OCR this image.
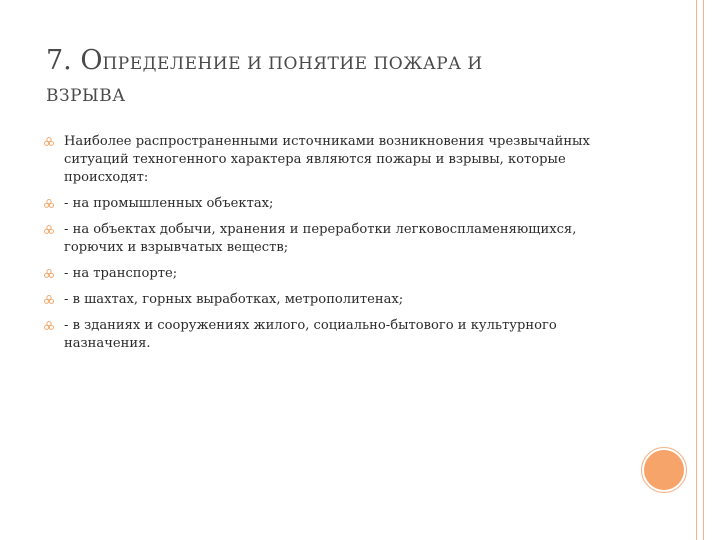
7. ОПРЕДЕЛЕНИЕ И ПОНЯТИЕ ПОЖАРА И
ВЗРЫВА
Наиболее распространенными источниками возникновения чрезвычайных ситуаций техногенного характера являются пожары и взрывы, которые происходят:
- на промышленных объектах;
- на объектах добычи, хранения и переработки легковоспламеняющихся, горючих и взрывчатых веществ;
- на транспорте;
- в шахтах, горных выработках, метрополитенах;
- в зданиях и сооружениях жилого, социально-бытового и культурного назначения.
